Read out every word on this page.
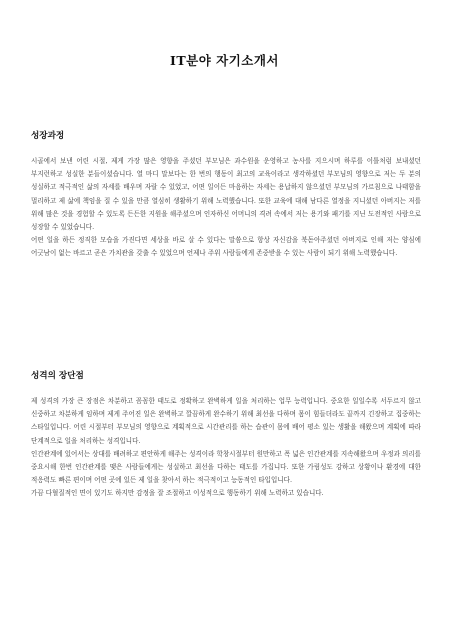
IT분야 자기소개서
성장과정

시골에서 보낸 어린 시절, 제게 가장 많은 영향을 주셨던 부모님은 과수원을 운영하고 농사를 지으시며 하루를 이틀처럼 보내셨던 부지런하고 성실한 분들이셨습니다. 열 마디 말보다는 한 번의 행동이 최고의 교육이라고 생각하셨던 부모님의 영향으로 저는 두 분의 성실하고 적극적인 삶의 자세를 배우며 자랄 수 있었고, 어떤 일이든 마음하는 자세는 용납하지 않으셨던 부모님의 가르침으로 나태함을 멀리하고 제 삶에 책임을 질 수 있을 만큼 열심히 생활하기 위해 노력했습니다. 또한 교육에 대해 남다른 열정을 지니셨던 아버지는 저를 위해 많은 것을 경험할 수 있도록 든든한 지원을 해주셨으며 인자하신 어머니의 격려 속에서 저는 용기와 패기를 지닌 도전적인 사람으로 성장할 수 있었습니다.

어떤 일을 하든 정직한 모습을 가진다면 세상을 바로 살 수 있다는 말씀으로 항상 자신감을 북돋아주셨던 아버지로 인해 저는 양심에 어긋남이 없는 바르고 곧은 가치관을 갖출 수 있었으며 언제나 주위 사람들에게 존중받을 수 있는 사람이 되기 위해 노력했습니다.

성격의 장단점

제 성격의 가장 큰 장점은 차분하고 꼼꼼한 태도로 정확하고 완벽하게 일을 처리하는 업무 능력입니다. 중요한 일일수록 서두르지 않고 신중하고 차분하게 임하며 제게 주어진 일은 완벽하고 깔끔하게 완수하기 위해 최선을 다하며 몸이 힘들더라도 끝까지 긴장하고 집중하는 스타일입니다. 어린 시절부터 부모님의 영향으로 계획적으로 시간관리를 하는 습관이 몸에 배어 평소 있는 생활을 해왔으며 계획에 따라 단계적으로 일을 처리하는 성격입니다.

인간관계에 있어서는 상대를 배려하고 편안하게 해주는 성격이라 학창시절부터 원만하고 폭 넓은 인간관계를 지속해왔으며 우정과 의리를 중요시해 한번 인간관계를 맺은 사람들에게는 성실하고 최선을 다하는 태도를 가집니다. 또한 가림성도 강하고 상황이나 환경에 대한 적응력도 빠른 편이며 어떤 곳에 있든 제 일을 찾아서 하는 적극적이고 능동적인 타입입니다.

가끔 다혈질적인 면이 있기도 하지만 감정을 잘 조절하고 이성적으로 행동하기 위해 노력하고 있습니다.
